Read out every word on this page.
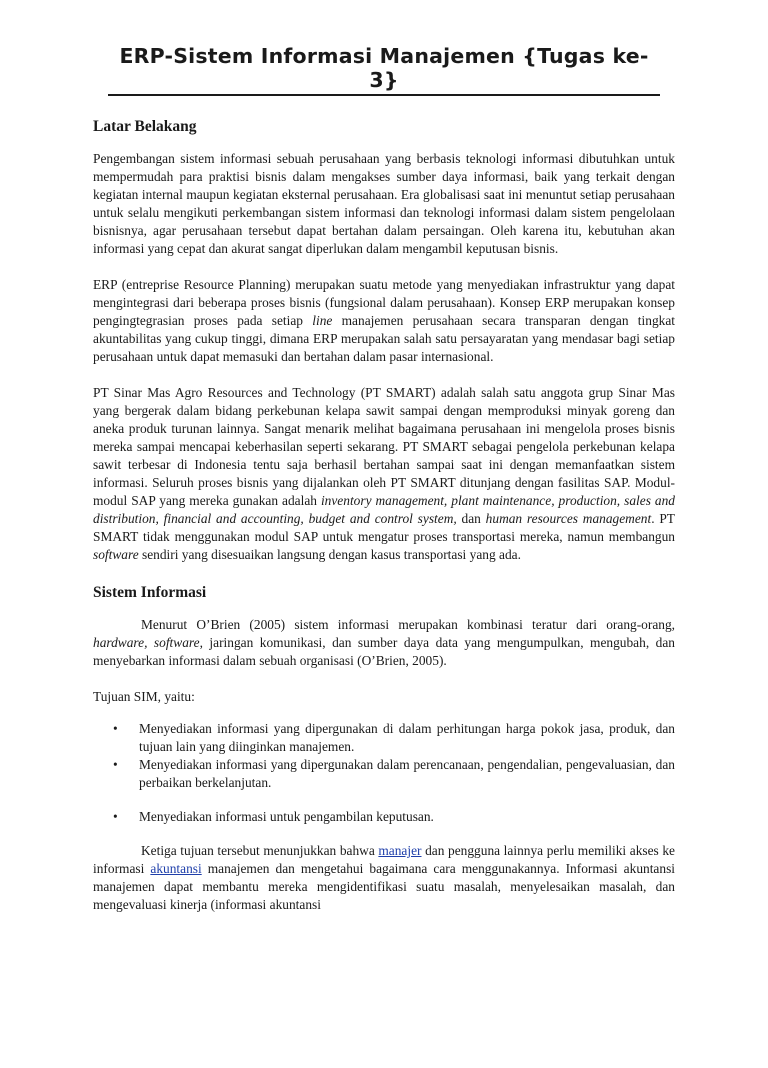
ERP-Sistem Informasi Manajemen {Tugas ke-3}
Latar Belakang

Pengembangan sistem informasi sebuah perusahaan yang berbasis teknologi informasi dibutuhkan untuk mempermudah para praktisi bisnis dalam mengakses sumber daya informasi, baik yang terkait dengan kegiatan internal maupun kegiatan eksternal perusahaan. Era globalisasi saat ini menuntut setiap perusahaan untuk selalu mengikuti perkembangan sistem informasi dan teknologi informasi dalam sistem pengelolaan bisnisnya, agar perusahaan tersebut dapat bertahan dalam persaingan. Oleh karena itu, kebutuhan akan informasi yang cepat dan akurat sangat diperlukan dalam mengambil keputusan bisnis.

ERP (entreprise Resource Planning) merupakan suatu metode yang menyediakan infrastruktur yang dapat mengintegrasi dari beberapa proses bisnis (fungsional dalam perusahaan). Konsep ERP merupakan konsep pengingtegrasian proses pada setiap line manajemen perusahaan secara transparan dengan tingkat akuntabilitas yang cukup tinggi, dimana ERP merupakan salah satu persayaratan yang mendasar bagi setiap perusahaan untuk dapat memasuki dan bertahan dalam pasar internasional.

PT Sinar Mas Agro Resources and Technology (PT SMART) adalah salah satu anggota grup Sinar Mas yang bergerak dalam bidang perkebunan kelapa sawit sampai dengan memproduksi minyak goreng dan aneka produk turunan lainnya. Sangat menarik melihat bagaimana perusahaan ini mengelola proses bisnis mereka sampai mencapai keberhasilan seperti sekarang. PT SMART sebagai pengelola perkebunan kelapa sawit terbesar di Indonesia tentu saja berhasil bertahan sampai saat ini dengan memanfaatkan sistem informasi. Seluruh proses bisnis yang dijalankan oleh PT SMART ditunjang dengan fasilitas SAP. Modul-modul SAP yang mereka gunakan adalah inventory management, plant maintenance, production, sales and distribution, financial and accounting, budget and control system, dan human resources management. PT SMART tidak menggunakan modul SAP untuk mengatur proses transportasi mereka, namun membangun software sendiri yang disesuaikan langsung dengan kasus transportasi yang ada.

Sistem Informasi

Menurut O’Brien (2005) sistem informasi merupakan kombinasi teratur dari orang-orang, hardware, software, jaringan komunikasi, dan sumber daya data yang mengumpulkan, mengubah, dan menyebarkan informasi dalam sebuah organisasi (O’Brien, 2005).

Tujuan SIM, yaitu:

• Menyediakan informasi yang dipergunakan di dalam perhitungan harga pokok jasa, produk, dan tujuan lain yang diinginkan manajemen.
• Menyediakan informasi yang dipergunakan dalam perencanaan, pengendalian, pengevaluasian, dan perbaikan berkelanjutan.
• Menyediakan informasi untuk pengambilan keputusan.

Ketiga tujuan tersebut menunjukkan bahwa manajer dan pengguna lainnya perlu memiliki akses ke informasi akuntansi manajemen dan mengetahui bagaimana cara menggunakannya. Informasi akuntansi manajemen dapat membantu mereka mengidentifikasi suatu masalah, menyelesaikan masalah, dan mengevaluasi kinerja (informasi akuntansi
